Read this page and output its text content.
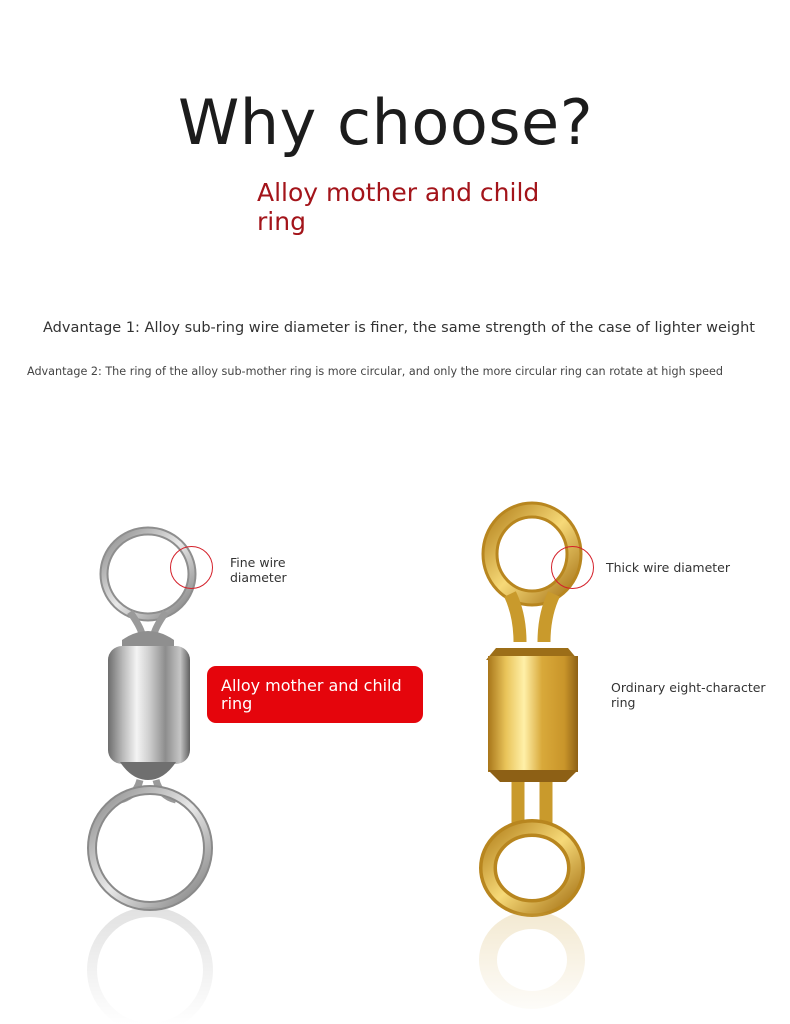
Why choose?
Alloy mother and child ring

Advantage 1: Alloy sub-ring wire diameter is finer, the same strength of the case of lighter weight

Advantage 2: The ring of the alloy sub-mother ring is more circular, and only the more circular ring can rotate at high speed

Fine wire diameter

Thick wire diameter

Ordinary eight-character ring

Alloy mother and child ring
